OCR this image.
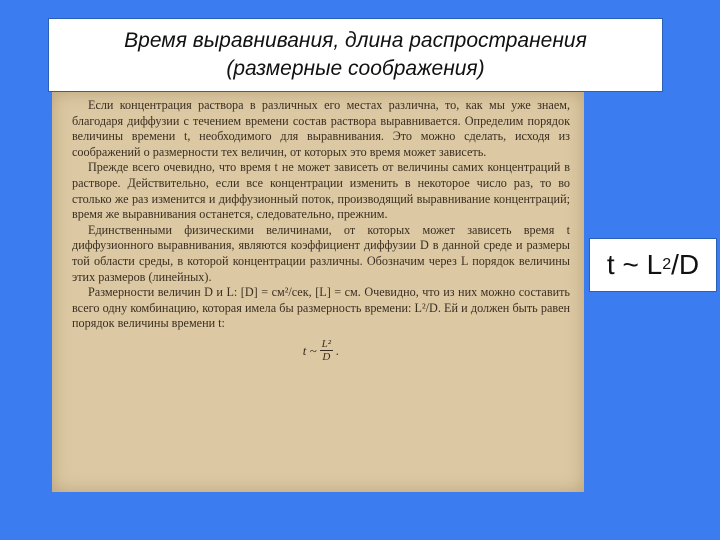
Время выравнивания, длина распространения
(размерные соображения)

Если концентрация раствора в различных его местах различна, то, как мы уже знаем, благодаря диффузии с течением времени состав раствора выравнивается. Определим порядок величины времени t, необходимого для выравнивания. Это можно сделать, исходя из соображений о размерности тех величин, от которых это время может зависеть.

Прежде всего очевидно, что время t не может зависеть от величины самих концентраций в растворе. Действительно, если все концентрации изменить в некоторое число раз, то во столько же раз изменится и диффузионный поток, производящий выравнивание концентраций; время же выравнивания останется, следовательно, прежним.

Единственными физическими величинами, от которых может зависеть время t диффузионного выравнивания, являются коэффициент диффузии D в данной среде и размеры той области среды, в которой концентрации различны. Обозначим через L порядок величины этих размеров (линейных).

Размерности величин D и L: [D] = см²/сек, [L] = см. Очевидно, что из них можно составить всего одну комбинацию, которая имела бы размерность времени: L²/D. Ей и должен быть равен порядок величины времени t:

t ~ $\frac{\text{L²}}{D}$ .
t
~
L 2 /D
